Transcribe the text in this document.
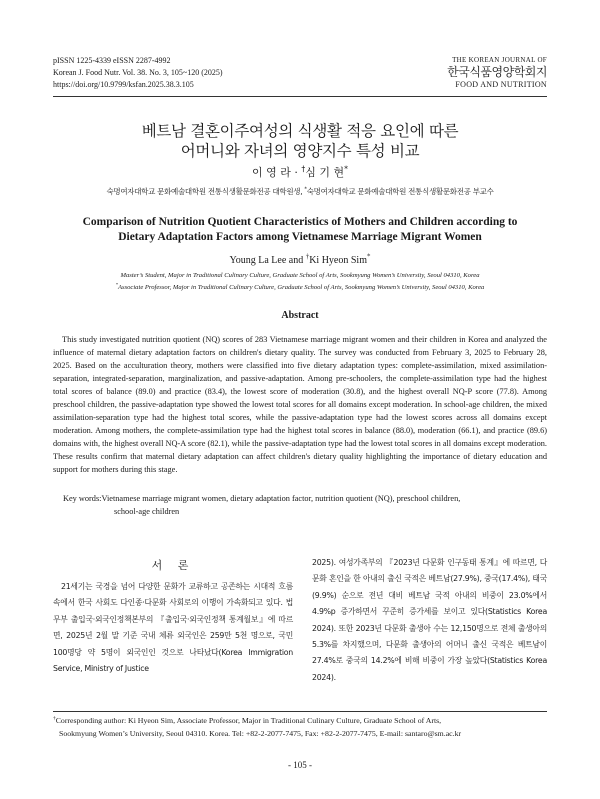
pISSN 1225-4339 eISSN 2287-4992
Korean J. Food Nutr. Vol. 38. No. 3, 105~120 (2025)
https://doi.org/10.9799/ksfan.2025.38.3.105
THE KOREAN JOURNAL OF
한국식품영양학회지
FOOD AND NUTRITION
베트남 결혼이주여성의 식생활 적응 요인에 따른
어머니와 자녀의 영양지수 특성 비교
이 영 라 · †심 기 현*
숙명여자대학교 문화예술대학원 전통식생활문화전공 대학원생, *숙명여자대학교 문화예술대학원 전통식생활문화전공 부교수
Comparison of Nutrition Quotient Characteristics of Mothers and Children according to
Dietary Adaptation Factors among Vietnamese Marriage Migrant Women
Young La Lee and †Ki Hyeon Sim*
Master’s Student, Major in Traditional Culinary Culture, Graduate School of Arts, Sookmyung Women’s University, Seoul 04310, Korea
*Associate Professor, Major in Traditional Culinary Culture, Graduate School of Arts, Sookmyung Women’s University, Seoul 04310, Korea
Abstract
This study investigated nutrition quotient (NQ) scores of 283 Vietnamese marriage migrant women and their children in Korea and analyzed the influence of maternal dietary adaptation factors on children's dietary quality. The survey was conducted from February 3, 2025 to February 28, 2025. Based on the acculturation theory, mothers were classified into five dietary adaptation types: complete-assimilation, mixed assimilation-separation, integrated-separation, marginalization, and passive-adaptation. Among pre-schoolers, the complete-assimilation type had the highest total scores of balance (89.0) and practice (83.4), the lowest score of moderation (30.8), and the highest overall NQ-P score (77.8). Among preschool children, the passive-adaptation type showed the lowest total scores for all domains except moderation. In school-age children, the mixed assimilation-separation type had the highest total scores, while the passive-adaptation type had the lowest scores across all domains except moderation. Among mothers, the complete-assimilation type had the highest total scores in balance (88.0), moderation (66.1), and practice (89.6) domains with, the highest overall NQ-A score (82.1), while the passive-adaptation type had the lowest total scores in all domains except moderation. These results confirm that maternal dietary adaptation can affect children's dietary quality highlighting the importance of dietary education and support for mothers during this stage.
Key words:Vietnamese marriage migrant women, dietary adaptation factor, nutrition quotient (NQ), preschool children,
school-age children
서 론
21세기는 국경을 넘어 다양한 문화가 교류하고 공존하는 시대적 흐름 속에서 한국 사회도 다인종·다문화 사회로의 이행이 가속화되고 있다. 법무부 출입국·외국인정책본부의 『출입국·외국인정책 통계월보』에 따르면, 2025년 2월 말 기준 국내 체류 외국인은 259만 5천 명으로, 국민 100명당 약 5명이 외국인인 것으로 나타났다(Korea Immigration Service, Ministry of Justice
2025). 여성가족부의 『2023년 다문화 인구동태 통계』에 따르면, 다문화 혼인을 한 아내의 출신 국적은 베트남(27.9%), 중국(17.4%), 태국(9.9%) 순으로 전년 대비 베트남 국적 아내의 비중이 23.0%에서 4.9%p 증가하면서 꾸준히 증가세를 보이고 있다(Statistics Korea 2024). 또한 2023년 다문화 출생아 수는 12,150명으로 전체 출생아의 5.3%를 차지했으며, 다문화 출생아의 어머니 출신 국적은 베트남이 27.4%로 중국의 14.2%에 비해 비중이 가장 높았다(Statistics Korea 2024).
†Corresponding author: Ki Hyeon Sim, Associate Professor, Major in Traditional Culinary Culture, Graduate School of Arts,
Sookmyung Women’s University, Seoul 04310. Korea. Tel: +82-2-2077-7475, Fax: +82-2-2077-7475, E-mail: santaro@sm.ac.kr
- 105 -
